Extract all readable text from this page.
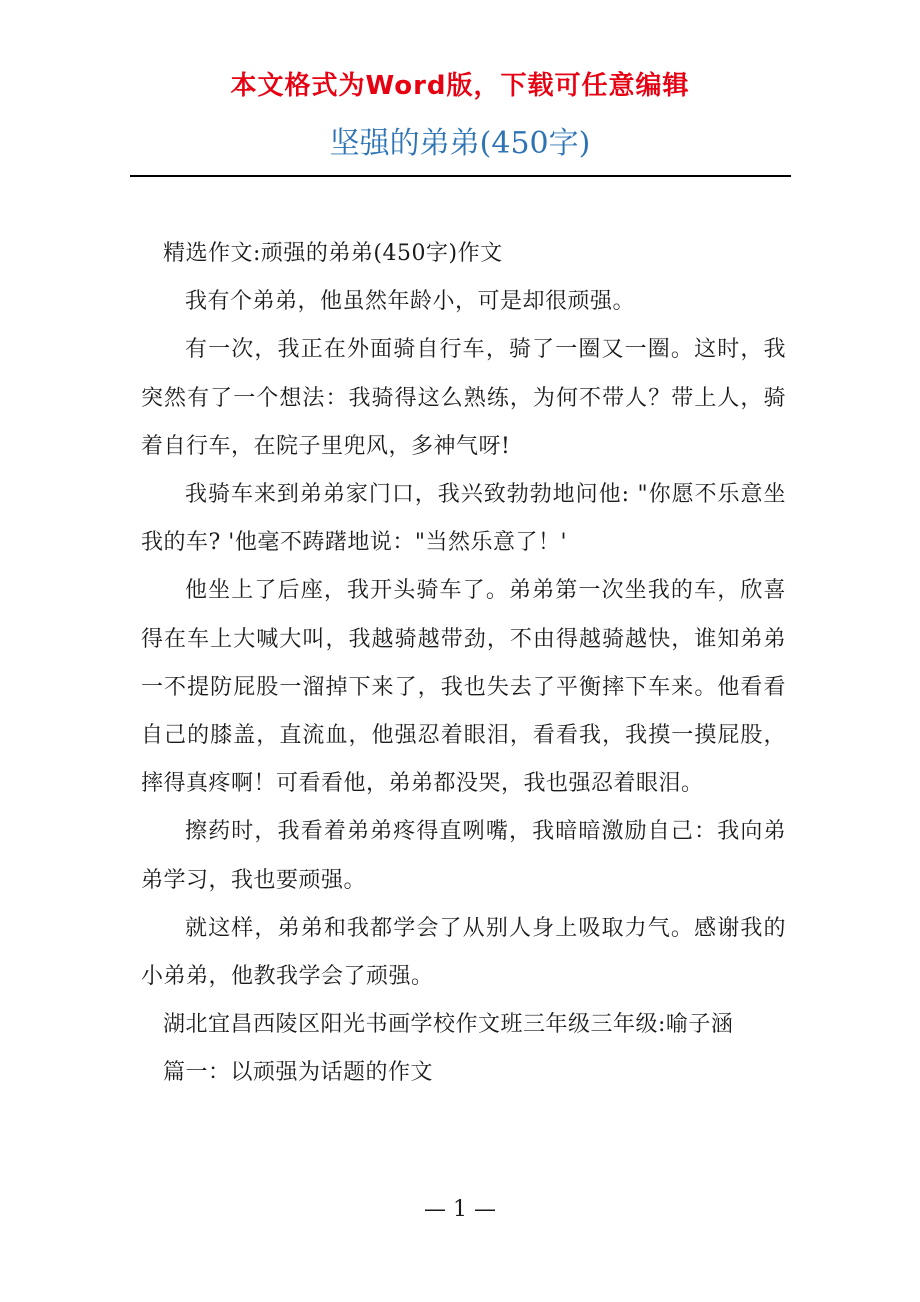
本文格式为Word版，下载可任意编辑
坚强的弟弟(450字)

精选作文:顽强的弟弟(450字)作文

我有个弟弟，他虽然年龄小，可是却很顽强。

有一次，我正在外面骑自行车，骑了一圈又一圈。这时，我突然有了一个想法：我骑得这么熟练，为何不带人？带上人，骑着自行车，在院子里兜风，多神气呀!

我骑车来到弟弟家门口，我兴致勃勃地问他: "你愿不乐意坐我的车? '他毫不踌躇地说："当然乐意了！'

他坐上了后座，我开头骑车了。弟弟第一次坐我的车，欣喜得在车上大喊大叫，我越骑越带劲，不由得越骑越快，谁知弟弟一不提防屁股一溜掉下来了，我也失去了平衡摔下车来。他看看自己的膝盖，直流血，他强忍着眼泪，看看我，我摸一摸屁股，摔得真疼啊！可看看他，弟弟都没哭，我也强忍着眼泪。

擦药时，我看着弟弟疼得直咧嘴，我暗暗激励自己：我向弟弟学习，我也要顽强。

就这样，弟弟和我都学会了从别人身上吸取力气。感谢我的小弟弟，他教我学会了顽强。

湖北宜昌西陵区阳光书画学校作文班三年级三年级:喻子涵

篇一：以顽强为话题的作文

— 1 —
